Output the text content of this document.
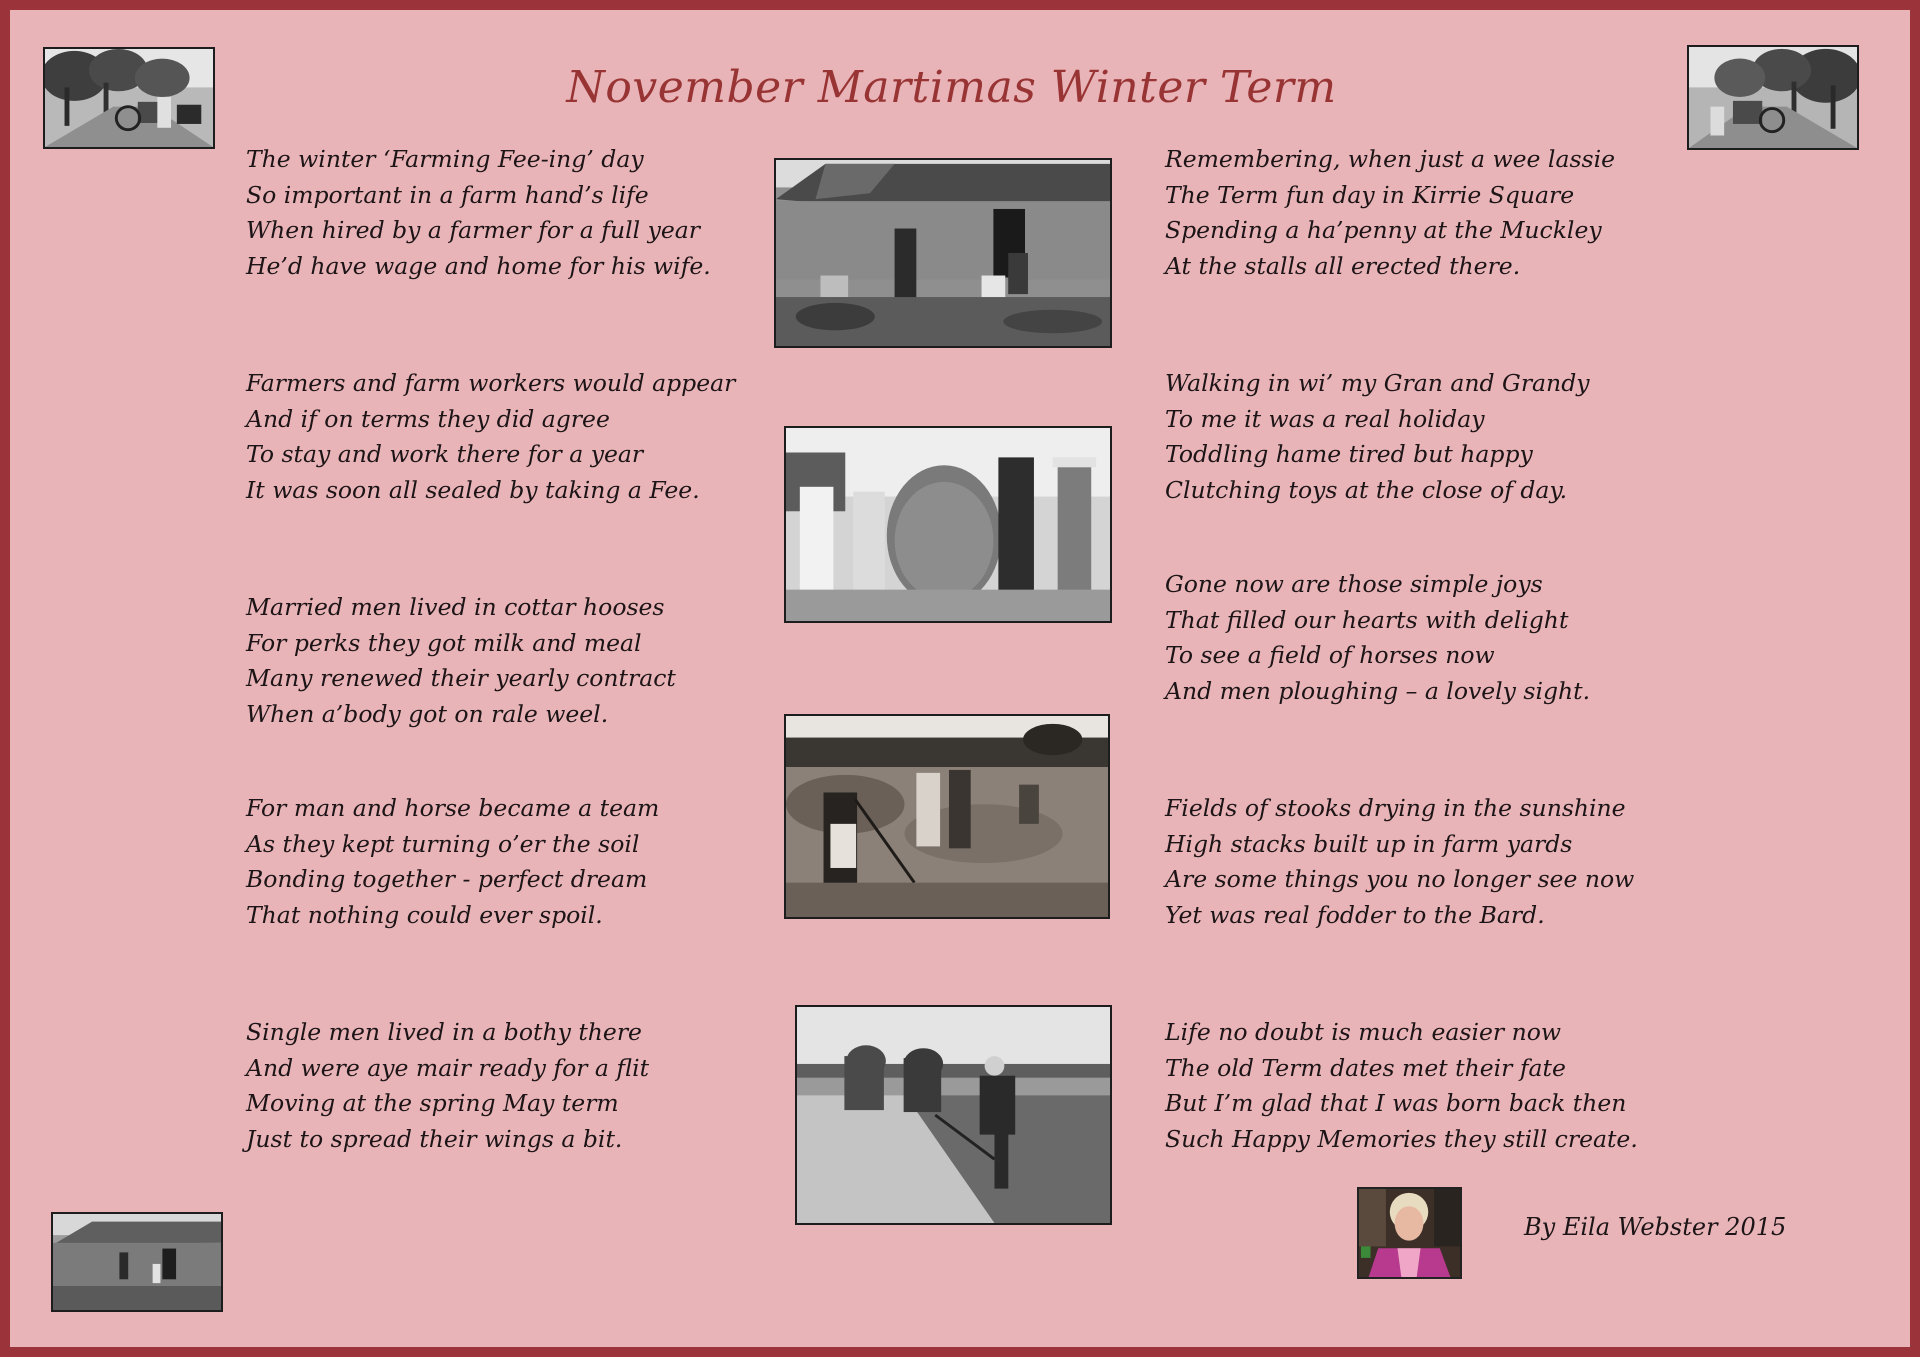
November Martimas Winter Term
The winter ‘Farming Fee-ing’ day
So important in a farm hand’s life
When hired by a farmer for a full year
He’d have wage and home for his wife.
Farmers and farm workers would appear
And if on terms they did agree
To stay and work there for a year
It was soon all sealed by taking a Fee.
Married men lived in cottar hooses
For perks they got milk and meal
Many renewed their yearly contract
When a’body got on rale weel.
For man and horse became a team
As they kept turning o’er the soil
Bonding together - perfect dream
That nothing could ever spoil.
Single men lived in a bothy there
And were aye mair ready for a flit
Moving at the spring May term
Just to spread their wings a bit.
Remembering, when just a wee lassie
The Term fun day in Kirrie Square
Spending a ha’penny at the Muckley
At the stalls all erected there.
Walking in wi’ my Gran and Grandy
To me it was a real holiday
Toddling hame tired but happy
Clutching toys at the close of day.
Gone now are those simple joys
That filled our hearts with delight
To see a field of horses now
And men ploughing – a lovely sight.
Fields of stooks drying in the sunshine
High stacks built up in farm yards
Are some things you no longer see now
Yet was real fodder to the Bard.
Life no doubt is much easier now
The old Term dates met their fate
But I’m glad that I was born back then
Such Happy Memories they still create.
By Eila Webster 2015
